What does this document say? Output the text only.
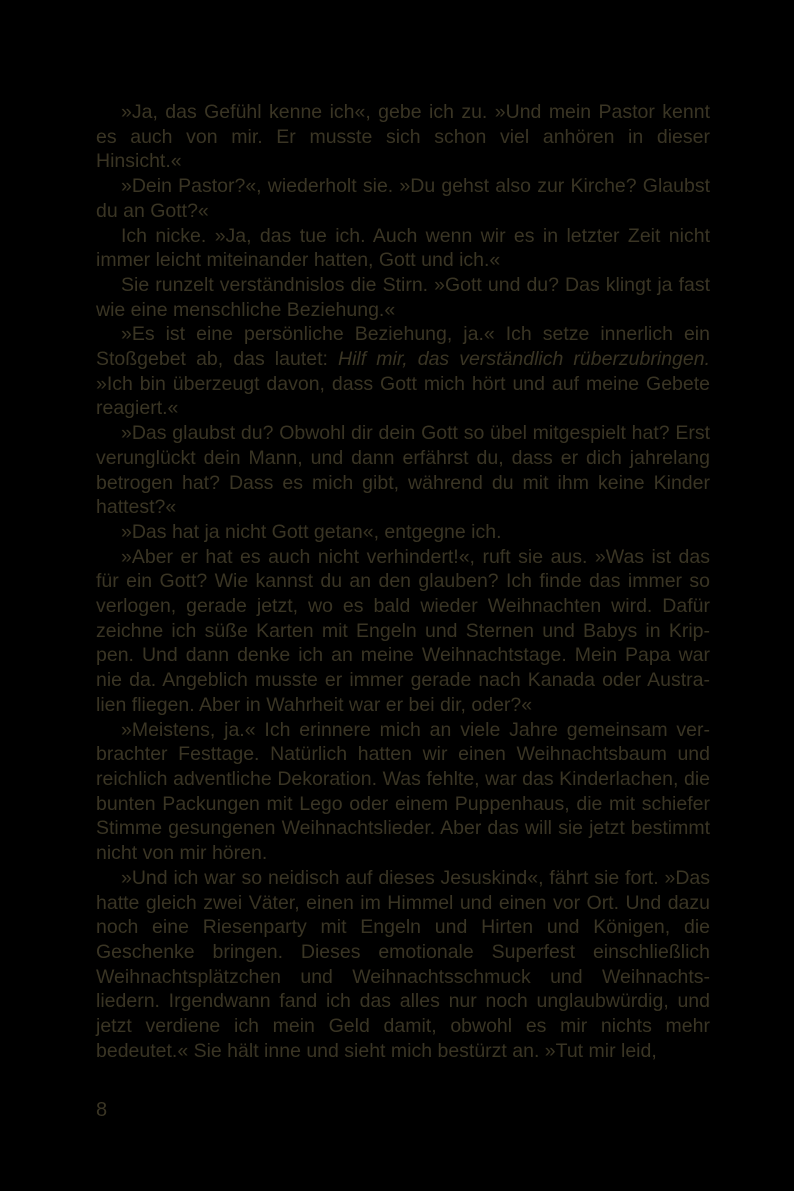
»Ja, das Gefühl kenne ich«, gebe ich zu. »Und mein Pastor kennt es auch von mir. Er musste sich schon viel anhören in dieser Hinsicht.«

»Dein Pastor?«, wiederholt sie. »Du gehst also zur Kirche? Glaubst du an Gott?«

Ich nicke. »Ja, das tue ich. Auch wenn wir es in letzter Zeit nicht immer leicht miteinander hatten, Gott und ich.«

Sie runzelt verständnislos die Stirn. »Gott und du? Das klingt ja fast wie eine menschliche Beziehung.«

»Es ist eine persönliche Beziehung, ja.« Ich setze innerlich ein Stoßgebet ab, das lautet: Hilf mir, das verständlich rüberzubringen. »Ich bin überzeugt davon, dass Gott mich hört und auf meine Gebete reagiert.«

»Das glaubst du? Obwohl dir dein Gott so übel mitgespielt hat? Erst verunglückt dein Mann, und dann erfährst du, dass er dich jahrelang betrogen hat? Dass es mich gibt, während du mit ihm keine Kinder hattest?«

»Das hat ja nicht Gott getan«, entgegne ich.

»Aber er hat es auch nicht verhindert!«, ruft sie aus. »Was ist das für ein Gott? Wie kannst du an den glauben? Ich finde das immer so verlogen, gerade jetzt, wo es bald wieder Weihnachten wird. Dafür zeichne ich süße Karten mit Engeln und Sternen und Babys in Krippen. Und dann denke ich an meine Weihnachtstage. Mein Papa war nie da. Angeblich musste er immer gerade nach Kanada oder Australien fliegen. Aber in Wahrheit war er bei dir, oder?«

»Meistens, ja.« Ich erinnere mich an viele Jahre gemeinsam verbrachter Festtage. Natürlich hatten wir einen Weihnachtsbaum und reichlich adventliche Dekoration. Was fehlte, war das Kinderlachen, die bunten Packungen mit Lego oder einem Puppenhaus, die mit schiefer Stimme gesungenen Weihnachtslieder. Aber das will sie jetzt bestimmt nicht von mir hören.

»Und ich war so neidisch auf dieses Jesuskind«, fährt sie fort. »Das hatte gleich zwei Väter, einen im Himmel und einen vor Ort. Und dazu noch eine Riesenparty mit Engeln und Hirten und Königen, die Geschenke bringen. Dieses emotionale Superfest einschließlich Weihnachtsplätzchen und Weihnachtsschmuck und Weihnachtsliedern. Irgendwann fand ich das alles nur noch unglaubwürdig, und jetzt verdiene ich mein Geld damit, obwohl es mir nichts mehr bedeutet.« Sie hält inne und sieht mich bestürzt an. »Tut mir leid,

8
